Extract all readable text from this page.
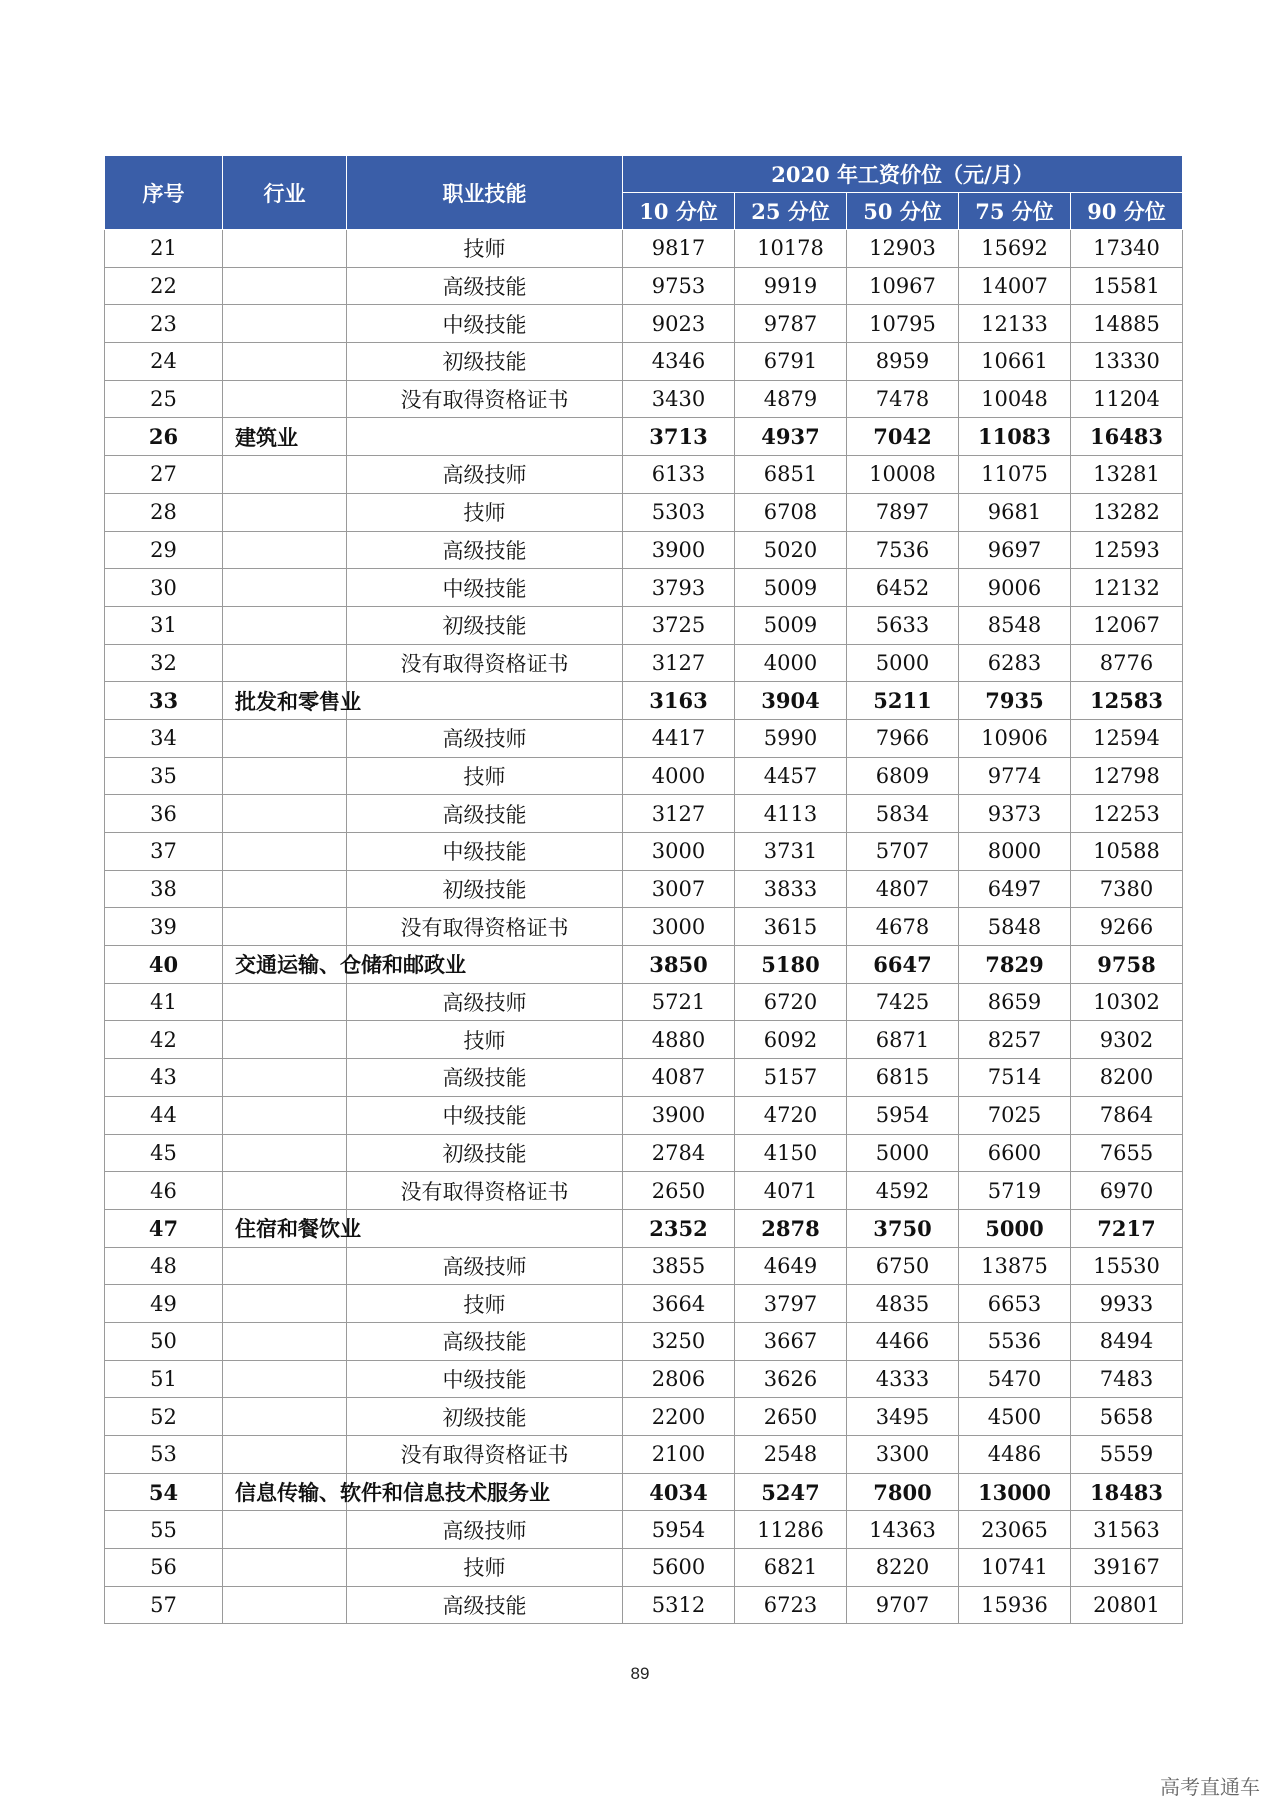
序号	行业	职业技能	2020 年工资价位（元/月）				
			10 分位	25 分位	50 分位	75 分位	90 分位
21		技师	9817	10178	12903	15692	17340
22		高级技能	9753	9919	10967	14007	15581
23		中级技能	9023	9787	10795	12133	14885
24		初级技能	4346	6791	8959	10661	13330
25		没有取得资格证书	3430	4879	7478	10048	11204
26	建筑业		3713	4937	7042	11083	16483
27		高级技师	6133	6851	10008	11075	13281
28		技师	5303	6708	7897	9681	13282
29		高级技能	3900	5020	7536	9697	12593
30		中级技能	3793	5009	6452	9006	12132
31		初级技能	3725	5009	5633	8548	12067
32		没有取得资格证书	3127	4000	5000	6283	8776
33	批发和零售业		3163	3904	5211	7935	12583
34		高级技师	4417	5990	7966	10906	12594
35		技师	4000	4457	6809	9774	12798
36		高级技能	3127	4113	5834	9373	12253
37		中级技能	3000	3731	5707	8000	10588
38		初级技能	3007	3833	4807	6497	7380
39		没有取得资格证书	3000	3615	4678	5848	9266
40	交通运输、仓储和邮政业		3850	5180	6647	7829	9758
41		高级技师	5721	6720	7425	8659	10302
42		技师	4880	6092	6871	8257	9302
43		高级技能	4087	5157	6815	7514	8200
44		中级技能	3900	4720	5954	7025	7864
45		初级技能	2784	4150	5000	6600	7655
46		没有取得资格证书	2650	4071	4592	5719	6970
47	住宿和餐饮业		2352	2878	3750	5000	7217
48		高级技师	3855	4649	6750	13875	15530
49		技师	3664	3797	4835	6653	9933
50		高级技能	3250	3667	4466	5536	8494
51		中级技能	2806	3626	4333	5470	7483
52		初级技能	2200	2650	3495	4500	5658
53		没有取得资格证书	2100	2548	3300	4486	5559
54	信息传输、软件和信息技术服务业		4034	5247	7800	13000	18483
55		高级技师	5954	11286	14363	23065	31563
56		技师	5600	6821	8220	10741	39167
57		高级技能	5312	6723	9707	15936	20801
89
高考直通车
